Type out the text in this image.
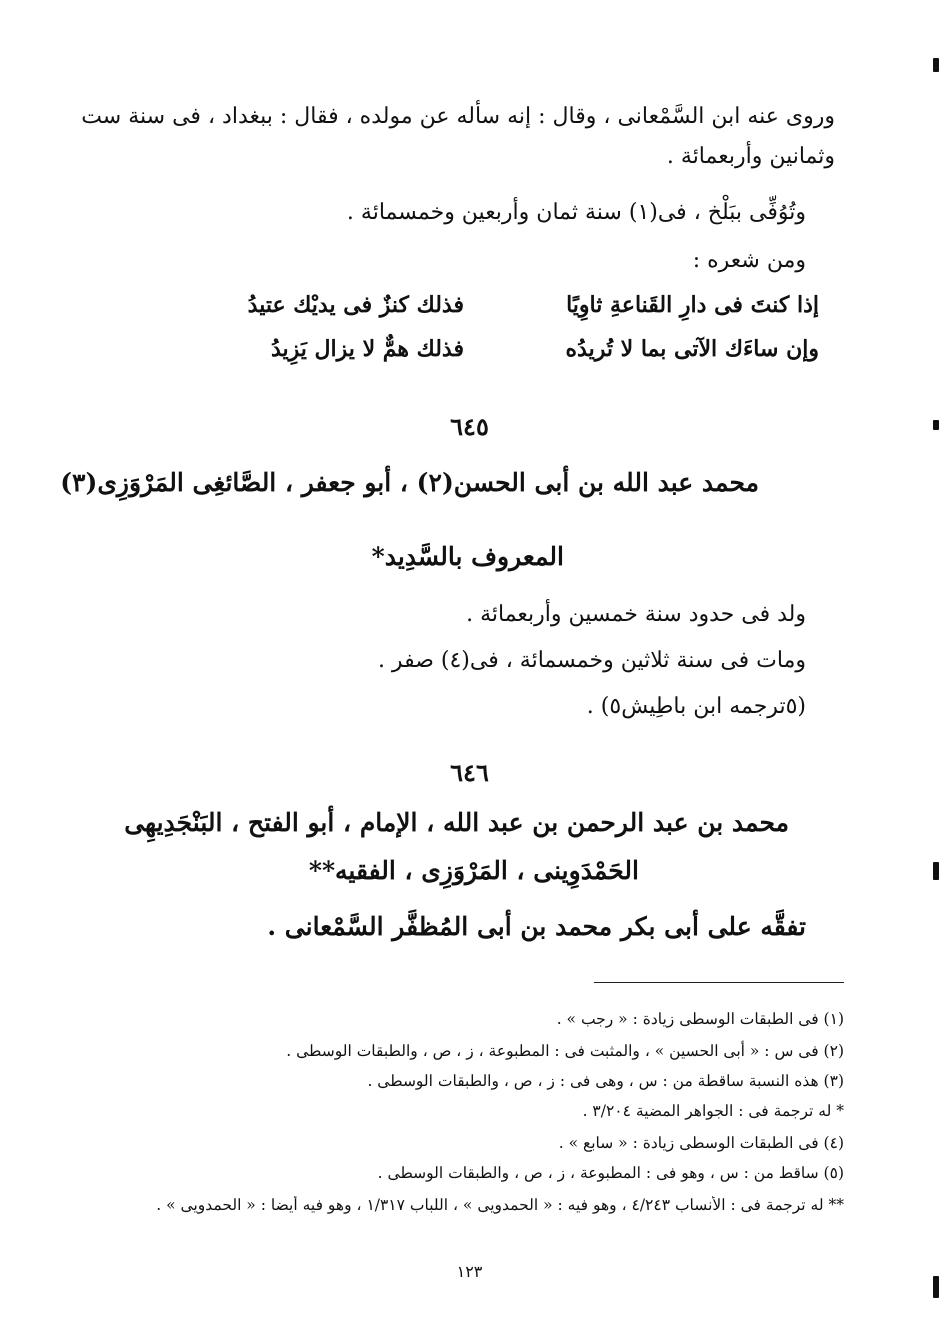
وروى عنه ابن السَّمْعانى ، وقال : إنه سأله عن مولده ، فقال : ببغداد ، فى سنة ست
وثمانين وأربعمائة .
وتُوُفِّى ببَلْخ ، فى(١) سنة ثمان وأربعين وخمسمائة .
ومن شعره :
إذا كنتَ فى دارِ القَناعةِ ثاوِيًا
فذلك كنزٌ فى يديْك عتيدُ
وإن ساءَك الآتى بما لا تُريدُه
فذلك همٌّ لا يزال يَزِيدُ
٦٤٥
محمد عبد الله بن أبى الحسن(٢) ، أبو جعفر ، الصَّائغِى المَرْوَزِى(٣)
المعروف بالسَّدِيد*
ولد فى حدود سنة خمسين وأربعمائة .
ومات فى سنة ثلاثين وخمسمائة ، فى(٤) صفر .
(٥ترجمه ابن باطِيش٥) .
٦٤٦
محمد بن عبد الرحمن بن عبد الله ، الإمام ، أبو الفتح ، البَنْجَدِيهِى
الحَمْدَوِينى ، المَرْوَزِى ، الفقيه**
تفقَّه على أبى بكر محمد بن أبى المُظفَّر السَّمْعانى .
(١) فى الطبقات الوسطى زيادة : « رجب » .
(٢) فى س : « أبى الحسين » ، والمثبت فى : المطبوعة ، ز ، ص ، والطبقات الوسطى .
(٣) هذه النسبة ساقطة من : س ، وهى فى : ز ، ص ، والطبقات الوسطى .
* له ترجمة فى : الجواهر المضية ٣/٢٠٤ .
(٤) فى الطبقات الوسطى زيادة : « سابع » .
(٥) ساقط من : س ، وهو فى : المطبوعة ، ز ، ص ، والطبقات الوسطى .
** له ترجمة فى : الأنساب ٤/٢٤٣ ، وهو فيه : « الحمدويى » ، اللباب ١/٣١٧ ، وهو فيه أيضا : « الحمدويى » .
١٢٣
